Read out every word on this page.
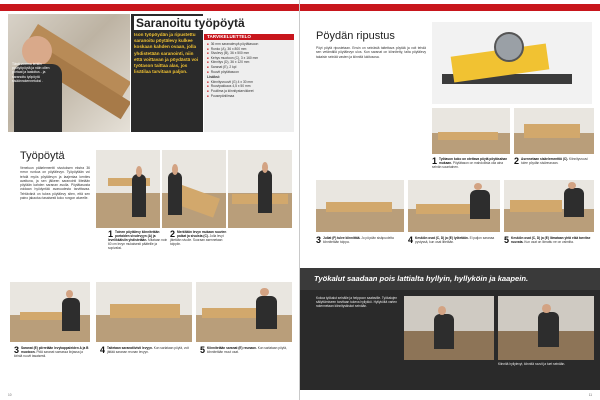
Tänä vuonna tehtiin puutyöpöytä ja näin ollen portaat ja laatoitus - ja saranoitu työpöytä sisäänrakennetuksi .
Saranoitu työpöytä
Ison työpöydän ja ripustettu saranoitu pöytälevy kulkee koskaan kahden ovaan, jolla yhdistetään saranointi, niin että voittavan ja pöydästä voi työtason taittaa alas, jos lisätilaa tarvitaan paljon.
TARVIKELUETTELO
■ 36 mm saranalevyä pöytätasoon
■ Runko (A), 36 x 800 mm
■ Sivulevy (B), 36 x 500 mm
■ Kehys muotoon (C), 3 x 160 mm
■ Kiinnitys (D), 36 x 120 mm
■ Saranat (E), 2 kpl
■ Ruuvit pöytätasoon
Lisäksi:
■ Kiinnitysruuvit (G) 4 x 30 mm
■ Ruuvipakkaus 4,5 x 50 mm
■ Puuliima ja kiinnitystarvikkeet
■ Puusepänliimaa
Työpöytä
Veneluun pääelementti sivutuksen ekstra 36 mm:n runkoa on pöytälevyn. Työpöytään voi tehdä myös pöytälevyn ja laajentaa kenties avattuna, ja sen jälkeen saranointi liitetään pöytään kahden saranan avulla. Pöytätasosta voidaan hyödyntää avaruudesta tarvittavaa. Tehtävänä on tukea pöytälevy siten, että sen paino jakautuu tasaisesti koko rungon alueelle.
1 Toinen pöytälevy kiinnitetään portaiden sivulevyyn (A) ja levelikkäisiin yhdistetään. Mitataan noin 60 cm levyn mukaisesti pääteille ja sopivaksi.
2 Merkitään levyn mukaan ruuvien paikat ja sivuista (C). Jolla levyt jätetään sivulle. Suoraan asennetaan tolppiin.
3 Saranat (E) piirretään levykappaleiden A ja B muotoon. Pidä saranat samassa linjassa ja kiristä ruuvit tasaisesti.
4 Taitetaan saranatiivisti levyyn. Kun sarlataan pöytä, voit jättää saranan reunan levyyn.	5 Kiinnitetään saranat (E) reunaan. Kun sarlataan pöytä, kiinnitetään muut osat.
10
Pöydän ripustus
Pöyt pöytä ripustetaan. Ensin on seinästä taitettava pöytää ja voit tehdä sen vetämällä pöytälevyn ulos. Kun saranat on kiinnitetty, taita pöytälevy takaisin seinää vasten ja kiinnitä lukitusosa.
1 Työtason koko on otettava pöytä pöytäsahan mukaan. Pöytätason on mahdollista olla aina seinän suuntainen.
2 Asennetaan sisäelementtiä (C). Kiinnitysruuvi tulee pöydän sisäreunaan.
3 Juliat (F) tulee kiinnittää. Jo pöydän sisäpuolelta kiinnitetään tolppa.	4 Keskiön osat (C, D) ja (E) lyötetään. Ei paljon saranaa pystyssä, kun osat liitetään.	5 Keskiön osat (C, D) ja (E) liimataan yhtä eikä tarvitse ruuvata. Kun osat on liimattu ne on valmiita.
Työkalut saadaan pois lattialta hyllyin, hyllyköin ja kaapein.
Kokoa työkalut seinälle ja helppoon saataville. Työkalujen säilyttämiseen tarvitaan tukeva hyllykkö. Hyllyköitä varten rakennetaan kiinnityskiskot seinään.
Kiinnitä hyllylevyt, kiinnitä ruuvit ja tuet seinään.
11
